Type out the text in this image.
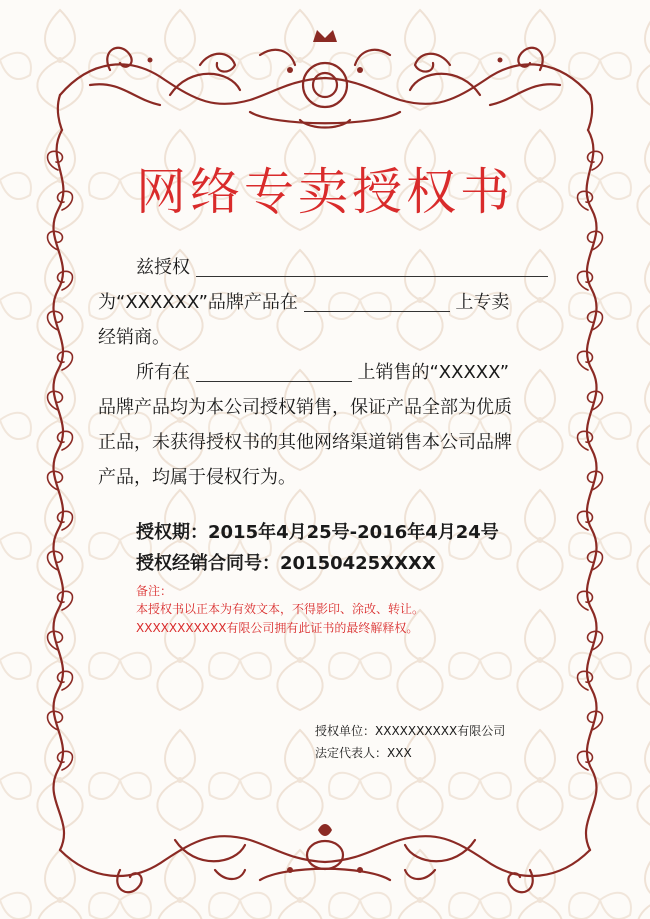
网络专卖授权书
兹授权
为“XXXXXX”品牌产品在	上专卖
经销商。
所有在	上销售的“XXXXX”
品牌产品均为本公司授权销售，保证产品全部为优质
正品，未获得授权书的其他网络渠道销售本公司品牌
产品，均属于侵权行为。
授权期：2015年4月25号-2016年4月24号
授权经销合同号：20150425XXXX
备注：
本授权书以正本为有效文本，不得影印、涂改、转让。
XXXXXXXXXXX有限公司拥有此证书的最终解释权。
授权单位：XXXXXXXXXX有限公司
法定代表人：XXX
